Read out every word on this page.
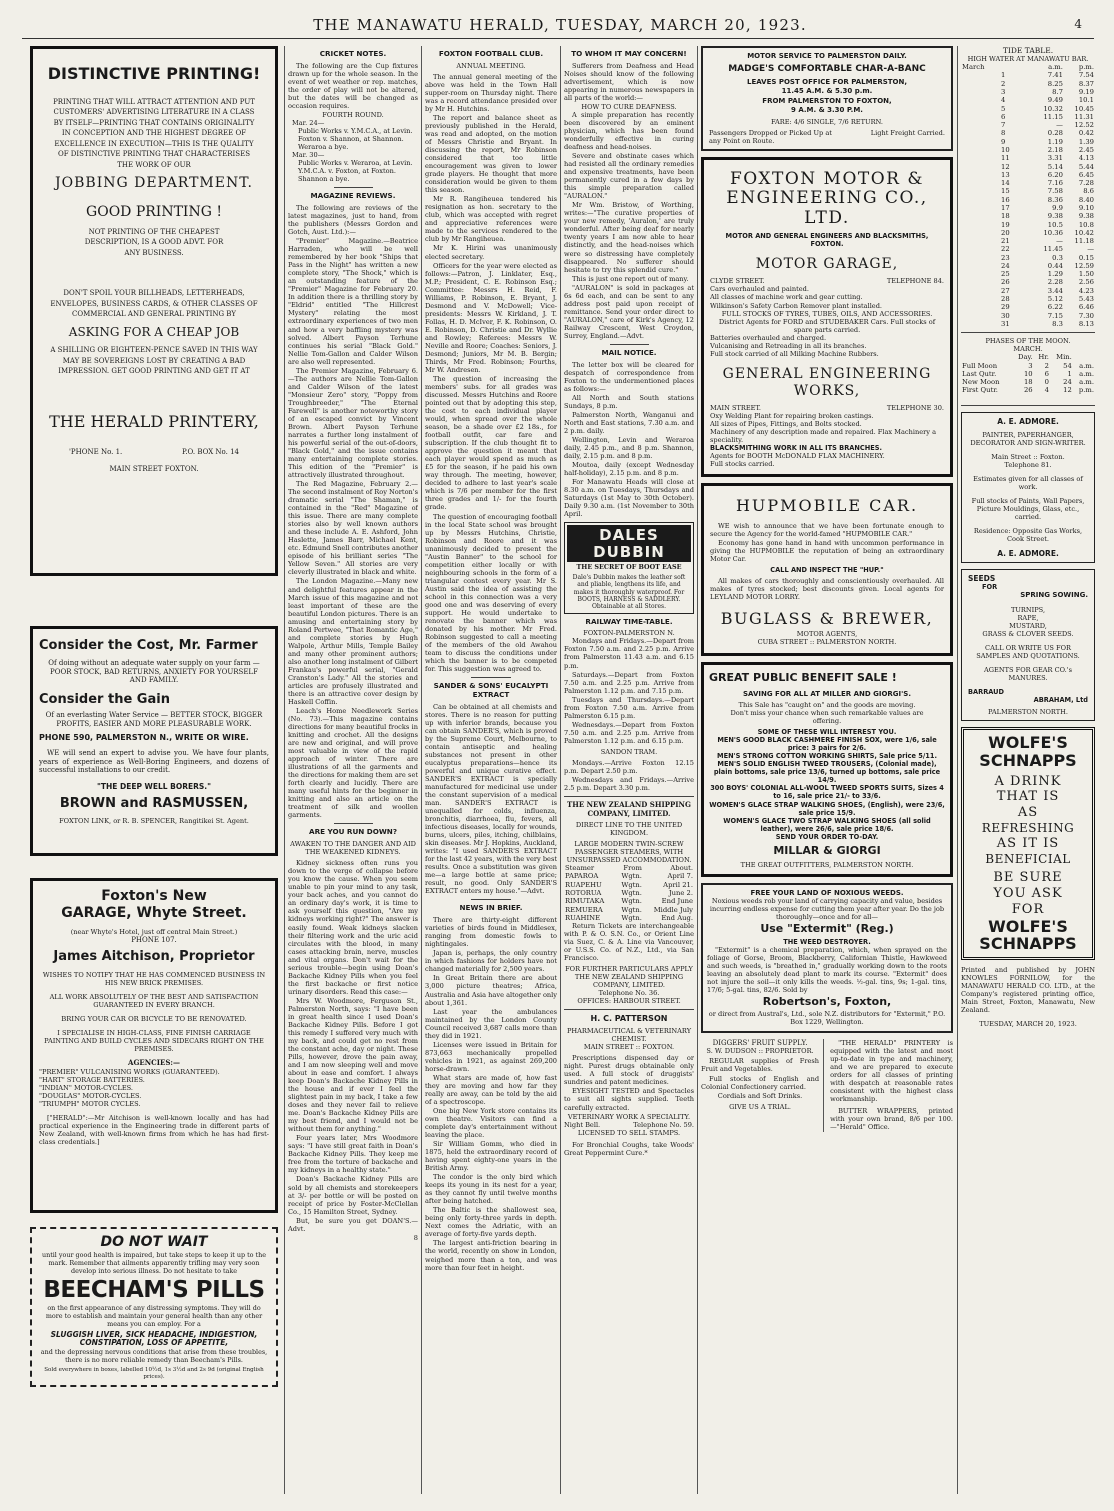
THE MANAWATU HERALD, TUESDAY, MARCH 20, 1923.	4
DISTINCTIVE PRINTING!
PRINTING THAT WILL ATTRACT ATTENTION AND PUT CUSTOMERS' ADVERTISING LITERATURE IN A CLASS BY ITSELF—PRINTING THAT CONTAINS ORIGINALITY IN CONCEPTION AND THE HIGHEST DEGREE OF EXCELLENCE IN EXECUTION—THIS IS THE QUALITY OF DISTINCTIVE PRINTING THAT CHARACTERISES THE WORK OF OUR
JOBBING DEPARTMENT.
GOOD PRINTING !
NOT PRINTING OF THE CHEAPEST DESCRIPTION, IS A GOOD ADVT. FOR ANY BUSINESS.
DON'T SPOIL YOUR BILLHEADS, LETTERHEADS, ENVELOPES, BUSINESS CARDS, & OTHER CLASSES OF COMMERCIAL AND GENERAL PRINTING BY
ASKING FOR A CHEAP JOB
A SHILLING OR EIGHTEEN-PENCE SAVED IN THIS WAY MAY BE SOVEREIGNS LOST BY CREATING A BAD IMPRESSION. GET GOOD PRINTING AND GET IT AT
THE HERALD PRINTERY,
'PHONE No. 1.	P.O. BOX No. 14
MAIN STREET FOXTON.
Consider the Cost, Mr. Farmer
Of doing without an adequate water supply on your farm — POOR STOCK, BAD RETURNS, ANXIETY FOR YOURSELF AND FAMILY.
Consider the Gain
Of an everlasting Water Service — BETTER STOCK, BIGGER PROFITS, EASIER AND MORE PLEASURABLE WORK.
PHONE 590, PALMERSTON N., WRITE OR WIRE.

WE will send an expert to advise you. We have four plants, years of experience as Well-Boring Engineers, and dozens of successful installations to our credit.

"THE DEEP WELL BORERS."
BROWN and RASMUSSEN,
FOXTON LINK, or R. B. SPENCER, Rangitikei St. Agent.
Foxton's New
GARAGE, Whyte Street.
(near Whyte's Hotel, just off central Main Street.)
PHONE 107.
James Aitchison, Proprietor
WISHES TO NOTIFY THAT HE HAS COMMENCED BUSINESS IN HIS NEW BRICK PREMISES.
ALL WORK ABSOLUTELY OF THE BEST AND SATISFACTION GUARANTEED IN EVERY BRANCH.
BRING YOUR CAR OR BICYCLE TO BE RENOVATED.
I SPECIALISE IN HIGH-CLASS, FINE FINISH CARRIAGE PAINTING AND BUILD CYCLES AND SIDECARS RIGHT ON THE PREMISES.
AGENCIES:—
"PREMIER" VULCANISING WORKS (GUARANTEED).
"HART" STORAGE BATTERIES.
"INDIAN" MOTOR-CYCLES.
"DOUGLAS" MOTOR-CYCLES.
"TRIUMPH" MOTOR CYCLES.

["HERALD":—Mr Aitchison is well-known locally and has had practical experience in the Engineering trade in different parts of New Zealand, with well-known firms from which he has had first-class credentials.]

DO NOT WAIT
until your good health is impaired, but take steps to keep it up to the mark. Remember that ailments apparently trifling may very soon develop into serious illness. Do not hesitate to take
BEECHAM'S PILLS
on the first appearance of any distressing symptoms. They will do more to establish and maintain your general health than any other means you can employ. For a
SLUGGISH LIVER, SICK HEADACHE, INDIGESTION, CONSTIPATION, LOSS OF APPETITE,
and the depressing nervous conditions that arise from these troubles, there is no more reliable remedy than Beecham's Pills.
Sold everywhere in boxes, labelled 10½d, 1s 3½d and 2s 9d (original English prices).
CRICKET NOTES.

The following are the Cup fixtures drawn up for the whole season. In the event of wet weather or rep. matches, the order of play will not be altered, but the dates will be changed as occasion requires.

FOURTH ROUND.
Mar. 24—
Public Works v. Y.M.C.A., at Levin.
Foxton v. Shannon, at Shannon.
Weraroa a bye.
Mar. 30—
Public Works v. Weraroa, at Levin.
Y.M.C.A. v. Foxton, at Foxton.
Shannon a bye.
MAGAZINE REVIEWS.

The following are reviews of the latest magazines, just to hand, from the publishers (Messrs Gordon and Gotch, Aust. Ltd.):—

"Premier" Magazine.—Beatrice Harraden, who will be well remembered by her book "Ships that Pass in the Night" has written a new complete story, "The Shock," which is an outstanding feature of the "Premier" Magazine for February 20. In addition there is a thrilling story by "Eldrid" entitled "The Hillcrest Mystery" relating the most extraordinary experiences of two men and how a very baffling mystery was solved. Albert Payson Terhune continues his serial "Black Gold." Nellie Tom-Gallon and Calder Wilson are also well represented.

The Premier Magazine, February 6.—The authors are Nellie Tom-Gallon and Calder Wilson of the latest "Monsieur Zero" story, "Poppy from Troughbreeder," "The Eternal Farewell" is another noteworthy story of an escaped convict by Vincent Brown. Albert Payson Terhune narrates a further long instalment of his powerful serial of the out-of-doors, "Black Gold," and the issue contains many entertaining complete stories. This edition of the "Premier" is attractively illustrated throughout.

The Red Magazine, February 2.—The second instalment of Roy Norton's dramatic serial "The Shaman," is contained in the "Red" Magazine of this issue. There are many complete stories also by well known authors and these include A. E. Ashford, John Haslette, James Barr, Michael Kent, etc. Edmund Snell contributes another episode of his brilliant series "The Yellow Seven." All stories are very cleverly illustrated in black and white.

The London Magazine.—Many new and delightful features appear in the March issue of this magazine and not least important of these are the beautiful London pictures. There is an amusing and entertaining story by Roland Pertwee, "That Romantic Age," and complete stories by Hugh Walpole, Arthur Mills, Temple Bailey and many other prominent authors; also another long instalment of Gilbert Frankau's powerful serial, "Gerald Cranston's Lady." All the stories and articles are profusely illustrated and there is an attractive cover design by Haskell Coffin.

Leach's Home Needlework Series (No. 73).—This magazine contains directions for many beautiful frocks in knitting and crochet. All the designs are new and original, and will prove most valuable in view of the rapid approach of winter. There are illustrations of all the garments and the directions for making them are set forth clearly and lucidly. There are many useful hints for the beginner in knitting and also an article on the treatment of silk and woollen garments.

ARE YOU RUN DOWN?
AWAKEN TO THE DANGER AND AID THE WEAKENED KIDNEYS.

Kidney sickness often runs you down to the verge of collapse before you know the cause. When you seem unable to pin your mind to any task, your back aches, and you cannot do an ordinary day's work, it is time to ask yourself this question, "Are my kidneys working right?" The answer is easily found. Weak kidneys slacken their filtering work and the uric acid circulates with the blood, in many cases attacking brain, nerve, muscles and vital organs. Don't wait for the serious trouble—begin using Doan's Backache Kidney Pills when you feel the first backache or first notice urinary disorders. Read this case:—

Mrs W. Woodmore, Ferguson St., Palmerston North, says: "I have been in great health since I used Doan's Backache Kidney Pills. Before I got this remedy I suffered very much with my back, and could get no rest from the constant ache, day or night. These Pills, however, drove the pain away, and I am now sleeping well and move about in ease and comfort. I always keep Doan's Backache Kidney Pills in the house and if ever I feel the slightest pain in my back, I take a few doses and they never fail to relieve me. Doan's Backache Kidney Pills are my best friend, and I would not be without them for anything."

Four years later, Mrs Woodmore says: "I have still great faith in Doan's Backache Kidney Pills. They keep me free from the torture of backache and my kidneys in a healthy state."

Doan's Backache Kidney Pills are sold by all chemists and storekeepers at 3/- per bottle or will be posted on receipt of price by Foster-McClellan Co., 15 Hamilton Street, Sydney.

But, be sure you get DOAN'S.—Advt.

8
FOXTON FOOTBALL CLUB.
ANNUAL MEETING.

The annual general meeting of the above was held in the Town Hall supper-room on Thursday night. There was a record attendance presided over by Mr H. Hutchins.

The report and balance sheet as previously published in the Herald, was read and adopted, on the motion of Messrs Christie and Bryant. In discussing the report, Mr Robinson considered that too little encouragement was given to lower grade players. He thought that more consideration would be given to them this season.

Mr R. Rangiheuea tendered his resignation as hon. secretary to the club, which was accepted with regret and appreciative references were made to the services rendered to the club by Mr Rangiheuea.

Mr K. Hirini was unanimously elected secretary.

Officers for the year were elected as follows:—Patron, J. Linklater, Esq., M.P.; President, C. E. Robinson Esq.; Committee: Messrs H. Reid, F. Williams, P. Robinson, E. Bryant, J. Desmond and V. McDowell; Vice-presidents: Messrs W. Kirkland, J. T. Follas, H. D. McIver, F. K. Robinson, O. E. Robinson, D. Christie and Dr. Wyllie and Rowley; Referees: Messrs W. Neville and Roore; Coaches: Seniors, J. Desmond; Juniors, Mr M. B. Bergin; Thirds, Mr Fred. Robinson; Fourths, Mr W. Andresen.

The question of increasing the members' subs. for all grades was discussed. Messrs Hutchins and Roore pointed out that by adopting this step, the cost to each individual player would, when spread over the whole season, be a shade over £2 18s., for football outfit, car fare and subscription. If the club thought fit to approve the question it meant that each player would spend as much as £5 for the season, if he paid his own way through. The meeting, however, decided to adhere to last year's scale which is 7/6 per member for the first three grades and 1/- for the fourth grade.

The question of encouraging football in the local State school was brought up by Messrs Hutchins, Christie, Robinson and Roore and it was unanimously decided to present the "Austin Banner" to the school for competition either locally or with neighbouring schools in the form of a triangular contest every year. Mr S. Austin said the idea of assisting the school in this connection was a very good one and was deserving of every support. He would undertake to renovate the banner which was donated by his mother. Mr Fred. Robinson suggested to call a meeting of the members of the old Awahou team to discuss the conditions under which the banner is to be competed for. This suggestion was agreed to.

SANDER & SONS' EUCALYPTI EXTRACT

Can be obtained at all chemists and stores. There is no reason for putting up with inferior brands, because you can obtain SANDER'S, which is proved by the Supreme Court, Melbourne, to contain antiseptic and healing substances not present in other eucalyptus preparations—hence its powerful and unique curative effect. SANDER'S EXTRACT is specially manufactured for medicinal use under the constant supervision of a medical man. SANDER'S EXTRACT is unequalled for colds, influenza, bronchitis, diarrhoea, flu, fevers, all infectious diseases, locally for wounds, burns, ulcers, piles, itching, chilblains, skin diseases. Mr J. Hopkins, Auckland, writes: "I used SANDER'S EXTRACT for the last 42 years, with the very best results. Once a substitution was given me—a large bottle at same price; result, no good. Only SANDER'S EXTRACT enters my house."—Advt.

NEWS IN BRIEF.

There are thirty-eight different varieties of birds found in Middlesex, ranging from domestic fowls to nightingales.

Japan is, perhaps, the only country in which fashions for holders have not changed materially for 2,500 years.

In Great Britain there are about 3,000 picture theatres; Africa, Australia and Asia have altogether only about 1,361.

Last year the ambulances maintained by the London County Council received 3,687 calls more than they did in 1921.

Licenses were issued in Britain for 873,663 mechanically propelled vehicles in 1921, as against 269,200 horse-drawn.

What stars are made of, how fast they are moving and how far they really are away, can be told by the aid of a spectroscope.

One big New York store contains its own theatre. Visitors can find a complete day's entertainment without leaving the place.

Sir William Gomm, who died in 1875, held the extraordinary record of having spent eighty-one years in the British Army.

The condor is the only bird which keeps its young in its nest for a year, as they cannot fly until twelve months after being hatched.

The Baltic is the shallowest sea, being only forty-three yards in depth. Next comes the Adriatic, with an average of forty-five yards depth.

The largest anti-friction bearing in the world, recently on show in London, weighed more than a ton, and was more than four feet in height.

TO WHOM IT MAY CONCERN!

Sufferers from Deafness and Head Noises should know of the following advertisement, which is now appearing in numerous newspapers in all parts of the world:—

HOW TO CURE DEAFNESS.

A simple preparation has recently been discovered by an eminent physician, which has been found wonderfully effective in curing deafness and head-noises.

Severe and obstinate cases which had resisted all the ordinary remedies and expensive treatments, have been permanently cured in a few days by this simple preparation called "AURALON."

Mr Wm. Bristow, of Worthing, writes:—"The curative properties of your new remedy, 'Auralon,' are truly wonderful. After being deaf for nearly twenty years I am now able to hear distinctly, and the head-noises which were so distressing have completely disappeared. No sufferer should hesitate to try this splendid cure."

This is just one report out of many.

"AURALON" is sold in packages at 6s 6d each, and can be sent to any address post paid upon receipt of remittance. Send your order direct to "AURALON," care of Kirk's Agency, 12 Railway Crescent, West Croydon, Surrey, England.—Advt.

MAIL NOTICE.

The letter box will be cleared for despatch of correspondence from Foxton to the undermentioned places as follows:—

All North and South stations Sundays, 8 p.m.

Palmerston North, Wanganui and North and East stations, 7.30 a.m. and 2 p.m. daily.

Wellington, Levin and Weraroa daily, 2.45 p.m., and 8 p.m. Shannon, daily, 2.15 p.m. and 8 p.m.

Moutoa, daily (except Wednesday half-holiday), 2.15 p.m. and 8 p.m.

For Manawatu Heads will close at 8.30 a.m. on Tuesdays, Thursdays and Saturdays (1st May to 30th October). Daily 9.30 a.m. (1st November to 30th April.

DALES DUBBIN
THE SECRET OF BOOT EASE
Dale's Dubbin makes the leather soft and pliable, lengthens its life, and makes it thoroughly waterproof. For BOOTS, HARNESS & SADDLERY. Obtainable at all Stores.
RAILWAY TIME-TABLE.
FOXTON-PALMERSTON N.

Mondays and Fridays.—Depart from Foxton 7.50 a.m. and 2.25 p.m. Arrive from Palmerston 11.43 a.m. and 6.15 p.m.

Saturdays.—Depart from Foxton 7.50 a.m. and 2.25 p.m. Arrive from Palmerston 1.12 p.m. and 7.15 p.m.

Tuesdays and Thursdays.—Depart from Foxton 7.50 a.m. Arrive from Palmerston 6.15 p.m.

Wednesdays.—Depart from Foxton 7.50 a.m. and 2.25 p.m. Arrive from Palmerston 1.12 p.m. and 6.15 p.m.

SANDON TRAM.

Mondays.—Arrive Foxton 12.15 p.m. Depart 2.50 p.m.

Wednesdays and Fridays.—Arrive 2.5 p.m. Depart 3.30 p.m.

THE NEW ZEALAND SHIPPING COMPANY, LIMITED.
DIRECT LINE TO THE UNITED KINGDOM.
LARGE MODERN TWIN-SCREW PASSENGER STEAMERS, WITH UNSURPASSED ACCOMMODATION.
Steamer	From	About.
PAPAROA	Wgtn.	April 7.
RUAPEHU	Wgtn.	April 21.
ROTORUA	Wgtn.	June 2.
RIMUTAKA	Wgtn.	End June
REMUERA	Wgtn.	Middle July
RUAHINE	Wgtn.	End Aug.

Return Tickets are interchangeable with P. & O. S.N. Co., or Orient Line via Suez, C. & A. Line via Vancouver, or U.S.S. Co. of N.Z., Ltd., via San Francisco.

FOR FURTHER PARTICULARS APPLY THE NEW ZEALAND SHIPPING COMPANY, LIMITED.
Telephone No. 36.
OFFICES: HARBOUR STREET.
H. C. PATTERSON
PHARMACEUTICAL & VETERINARY CHEMIST.
MAIN STREET :: FOXTON.

Prescriptions dispensed day or night. Purest drugs obtainable only used. A full stock of druggists' sundries and patent medicines.

EYESIGHT TESTED and Spectacles to suit all sights supplied. Teeth carefully extracted.

VETERINARY WORK A SPECIALITY.
Night Bell.	Telephone No. 59.
LICENSED TO SELL STAMPS.

For Bronchial Coughs, take Woods' Great Peppermint Cure.*

MOTOR SERVICE TO PALMERSTON DAILY.
MADGE'S COMFORTABLE CHAR-A-BANC
LEAVES POST OFFICE FOR PALMERSTON,
11.45 A.M. & 5.30 p.m.
FROM PALMERSTON TO FOXTON,
9 A.M. & 3.30 P.M.
FARE: 4/6 SINGLE, 7/6 RETURN.
Passengers Dropped or Picked Up at any Point on Route.
Light Freight Carried.
FOXTON MOTOR & ENGINEERING CO., LTD.
MOTOR AND GENERAL ENGINEERS AND BLACKSMITHS, FOXTON.
MOTOR GARAGE,
CLYDE STREET.	TELEPHONE 84.
Cars overhauled and painted.
All classes of machine work and gear cutting.
Wilkinson's Safety Carbon Remover plant installed.
FULL STOCKS OF TYRES, TUBES, OILS, AND ACCESSORIES.
District Agents for FORD and STUDEBAKER Cars. Full stocks of spare parts carried.
Batteries overhauled and charged.
Vulcanising and Retreading in all its branches.
Full stock carried of all Milking Machine Rubbers.
GENERAL ENGINEERING WORKS,
MAIN STREET.	TELEPHONE 30.
Oxy Welding Plant for repairing broken castings.
All sizes of Pipes, Fittings, and Bolts stocked.
Machinery of any description made and repaired. Flax Machinery a speciality.
BLACKSMITHING WORK IN ALL ITS BRANCHES.
Agents for BOOTH McDONALD FLAX MACHINERY.
Full stocks carried.
HUPMOBILE CAR.

WE wish to announce that we have been fortunate enough to secure the Agency for the world-famed "HUPMOBILE CAR."

Economy has gone hand in hand with uncommon performance in giving the HUPMOBILE the reputation of being an extraordinary Motor Car.

CALL AND INSPECT THE "HUP."

All makes of cars thoroughly and conscientiously overhauled. All makes of tyres stocked; best discounts given. Local agents for LEYLAND MOTOR LORRY.

BUGLASS & BREWER,
MOTOR AGENTS,
CUBA STREET :: PALMERSTON NORTH.
GREAT PUBLIC BENEFIT SALE !
SAVING FOR ALL AT MILLER AND GIORGI'S.
This Sale has "caught on" and the goods are moving. Don't miss your chance when such remarkable values are offering.
SOME OF THESE WILL INTEREST YOU.
MEN'S GOOD BLACK CASHMERE FINISH SOX, were 1/6, sale price: 3 pairs for 2/6.
MEN'S STRONG COTTON WORKING SHIRTS, Sale price 5/11.
MEN'S SOLID ENGLISH TWEED TROUSERS, (Colonial made), plain bottoms, sale price 13/6, turned up bottoms, sale price 14/9.
300 BOYS' COLONIAL ALL-WOOL TWEED SPORTS SUITS, Sizes 4 to 16, sale price 21/- to 33/6.
WOMEN'S GLACE STRAP WALKING SHOES, (English), were 23/6, sale price 15/9.
WOMEN'S GLACE TWO STRAP WALKING SHOES (all solid leather), were 26/6, sale price 18/6.
SEND YOUR ORDER TO-DAY.
MILLAR & GIORGI
THE GREAT OUTFITTERS, PALMERSTON NORTH.
FREE YOUR LAND OF NOXIOUS WEEDS.

Noxious weeds rob your land of carrying capacity and value, besides incurring endless expense for cutting them year after year. Do the job thoroughly—once and for all—

Use "Extermit" (Reg.)
THE WEED DESTROYER.

"Extermit" is a chemical preparation, which, when sprayed on the foliage of Gorse, Broom, Blackberry, Californian Thistle, Hawkweed and such weeds, is "breathed in," gradually working down to the roots leaving an absolutely dead plant to mark its course. "Extermit" does not injure the soil—it only kills the weeds. ½-gal. tins, 9s; 1-gal. tins, 17/6; 5-gal. tins, 82/6. Sold by

Robertson's, Foxton,

or direct from Austral's, Ltd., sole N.Z. distributors for "Extermit," P.O. Box 1229, Wellington.

DIGGERS' FRUIT SUPPLY.
S. W. DUDSON :: PROPRIETOR.

REGULAR supplies of Fresh Fruit and Vegetables.

Full stocks of English and Colonial Confectionery carried.

Cordials and Soft Drinks.
GIVE US A TRIAL.

"THE HERALD" PRINTERY is equipped with the latest and most up-to-date in type and machinery, and we are prepared to execute orders for all classes of printing with despatch at reasonable rates consistent with the highest class workmanship.

BUTTER WRAPPERS, printed with your own brand, 8/6 per 100.—"Herald" Office.

TIDE TABLE.
HIGH WATER AT MANAWATU BAR.
March	a.m.	p.m.
1	7.41	7.54
2	8.25	8.37
3	8.7	9.19
4	9.49	10.1
5	10.32	10.45
6	11.15	11.31
7	—	12.52
8	0.28	0.42
9	1.19	1.39
10	2.18	2.45
11	3.31	4.13
12	5.14	5.44
13	6.20	6.45
14	7.16	7.28
15	7.58	8.6
16	8.36	8.40
17	9.9	9.10
18	9.38	9.38
19	10.5	10.8
20	10.36	10.42
21	—	11.18
22	11.45	—
23	0.3	0.15
24	0.44	12.59
25	1.29	1.50
26	2.28	2.56
27	3.44	4.23
28	5.12	5.43
29	6.22	6.46
30	7.15	7.30
31	8.3	8.13
PHASES OF THE MOON.
MARCH.
	Day.	Hr.	Min.	
Full Moon	3	2	54	a.m.
Last Qutr.	10	6	1	a.m.
New Moon	18	0	24	a.m.
First Qutr.	26	4	12	p.m.
A. E. ADMORE.
PAINTER, PAPERHANGER, DECORATOR AND SIGN-WRITER.
Main Street :: Foxton.
Telephone 81.
Estimates given for all classes of work.
Full stocks of Paints, Wall Papers, Picture Mouldings, Glass, etc., carried.
Residence: Opposite Gas Works, Cook Street.
A. E. ADMORE.
SEEDS
FOR
SPRING SOWING.
TURNIPS,
RAPE,
MUSTARD,
GRASS & CLOVER SEEDS.
CALL OR WRITE US FOR SAMPLES AND QUOTATIONS.
AGENTS FOR GEAR CO.'s MANURES.
BARRAUD
ABRAHAM, Ltd
PALMERSTON NORTH.
WOLFE'S SCHNAPPS
A DRINK
THAT IS
AS
REFRESHING
AS IT IS
BENEFICIAL
BE SURE
YOU ASK
FOR
WOLFE'S SCHNAPPS

Printed and published by JOHN KNOWLES FORNILOW, for the MANAWATU HERALD CO. LTD., at the Company's registered printing office, Main Street, Foxton, Manawatu, New Zealand.

TUESDAY, MARCH 20, 1923.
